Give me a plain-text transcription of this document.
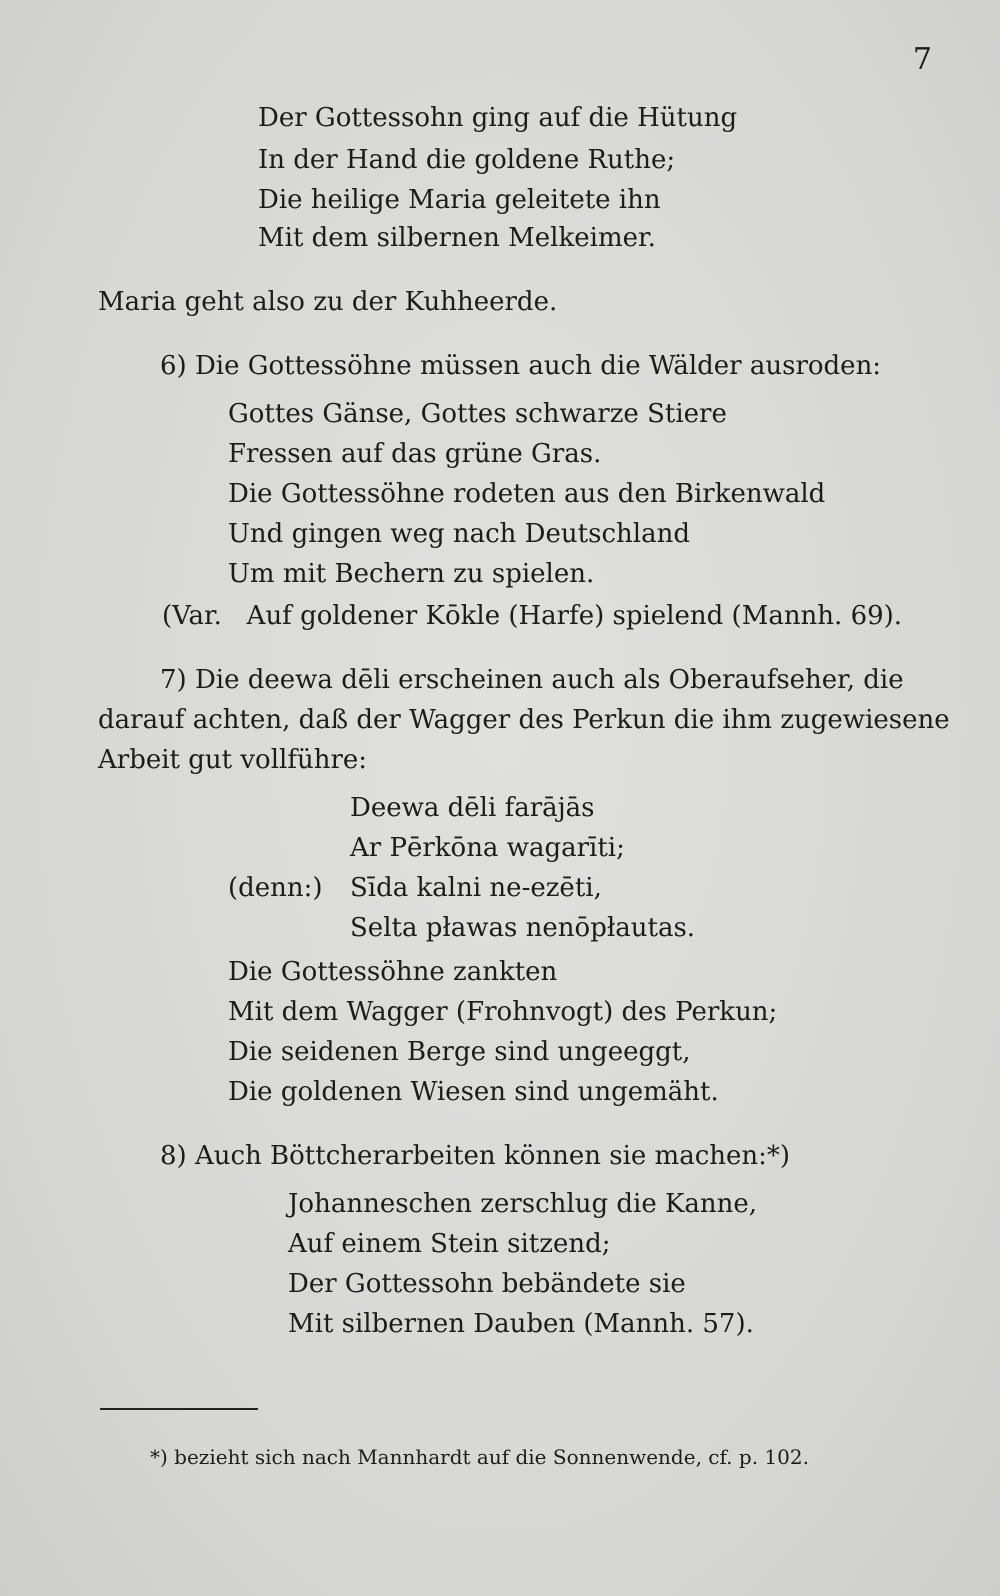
7
Der Gottessohn ging auf die Hütung
In der Hand die goldene Ruthe;
Die heilige Maria geleitete ihn
Mit dem silbernen Melkeimer.
Maria geht also zu der Kuhheerde.
6) Die Gottessöhne müssen auch die Wälder ausroden:
Gottes Gänse, Gottes schwarze Stiere
Fressen auf das grüne Gras.
Die Gottessöhne rodeten aus den Birkenwald
Und gingen weg nach Deutschland
Um mit Bechern zu spielen.
(Var.   Auf goldener Kōkle (Harfe) spielend (Mannh. 69).
7) Die deewa dēli erscheinen auch als Oberaufseher, die
darauf achten, daß der Wagger des Perkun die ihm zugewiesene
Arbeit gut vollführe:
Deewa dēli farājās
Ar Pērkōna wagarīti;
(denn:) Sīda kalni ne-ezēti,
Selta pławas nenōpłautas.
Die Gottessöhne zankten
Mit dem Wagger (Frohnvogt) des Perkun;
Die seidenen Berge sind ungeeggt,
Die goldenen Wiesen sind ungemäht.
8) Auch Böttcherarbeiten können sie machen:*)
Johanneschen zerschlug die Kanne,
Auf einem Stein sitzend;
Der Gottessohn bebändete sie
Mit silbernen Dauben (Mannh. 57).
*) bezieht sich nach Mannhardt auf die Sonnenwende, cf. p. 102.
